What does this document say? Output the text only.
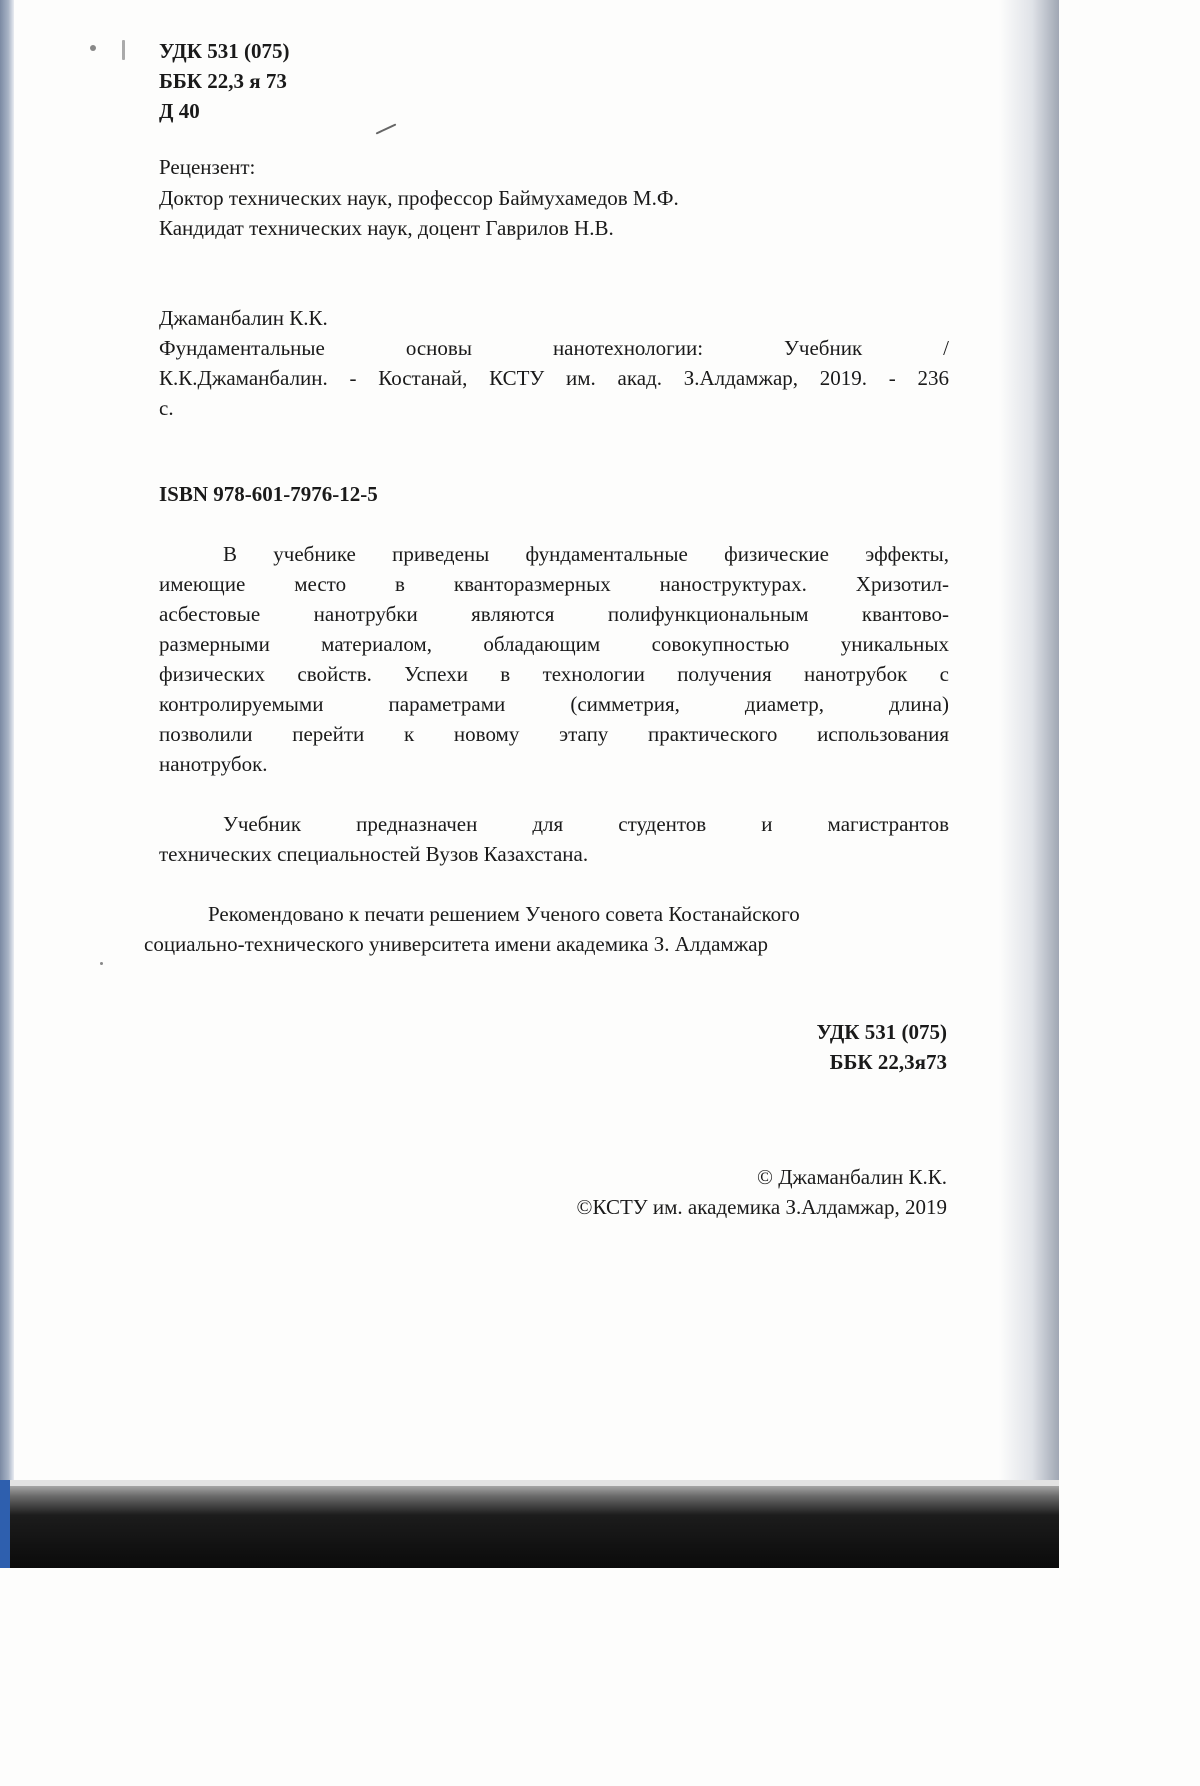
УДК 531 (075)
ББК 22,3 я 73
Д 40
Рецензент:
Доктор технических наук, профессор Баймухамедов М.Ф.
Кандидат технических наук, доцент Гаврилов Н.В.
Джаманбалин К.К.
Фундаментальные основы нанотехнологии: Учебник /
К.К.Джаманбалин. - Костанай, КСТУ им. акад. З.Алдамжар, 2019. - 236
с.
ISBN 978-601-7976-12-5
В учебнике приведены фундаментальные физические эффекты,
имеющие место в квантoразмерных наноструктурах. Хризотил-
асбестовые нанотрубки являются полифункциональным квантово-
размерными материалом, обладающим совокупностью уникальных
физических свойств. Успехи в технологии получения нанотрубок с
контролируемыми параметрами (симметрия, диаметр, длина)
позволили перейти к новому этапу практического использования
нанотрубок.
Учебник предназначен для студентов и магистрантов
технических специальностей Вузов Казахстана.
Рекомендовано к печати решением Ученого совета Костанайского
социально-технического университета имени академика З. Алдамжар
УДК 531 (075)
ББК 22,3я73
© Джаманбалин К.К.
©КСТУ им. академика З.Алдамжар, 2019
